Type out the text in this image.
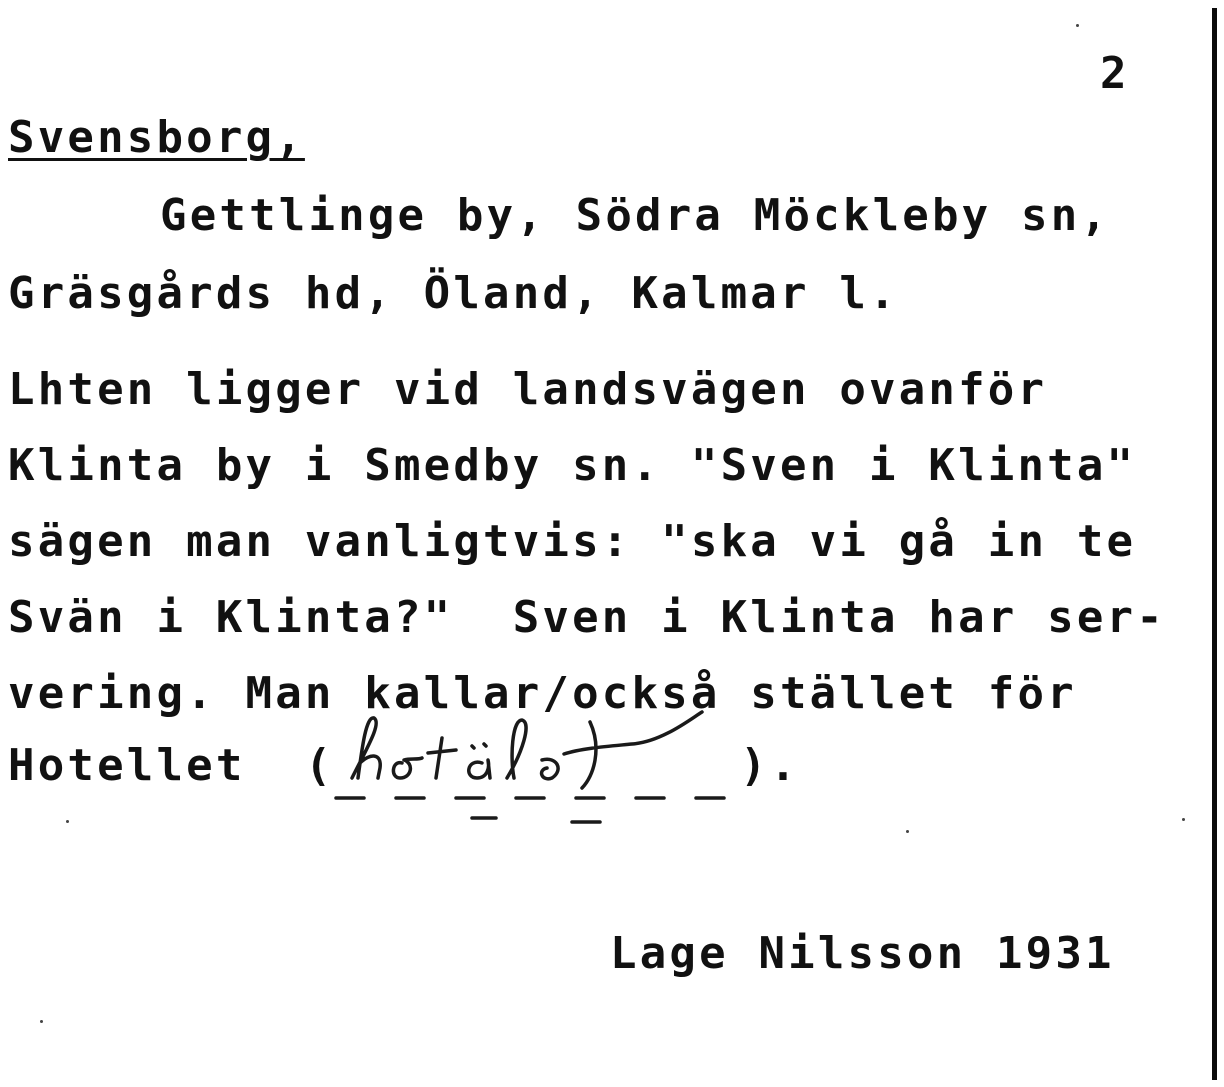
2
Svensborg,
Gettlinge by, Södra Möckleby sn,
Gräsgårds hd, Öland, Kalmar l.
Lhten ligger vid landsvägen ovanför
Klinta by i Smedby sn. "Sven i Klinta"
sägen man vanligtvis: "ska vi gå in te
Svän i Klinta?"  Sven i Klinta har ser-
vering. Man kallar/också stället för
Hotellet  (	).
Lage Nilsson 1931
